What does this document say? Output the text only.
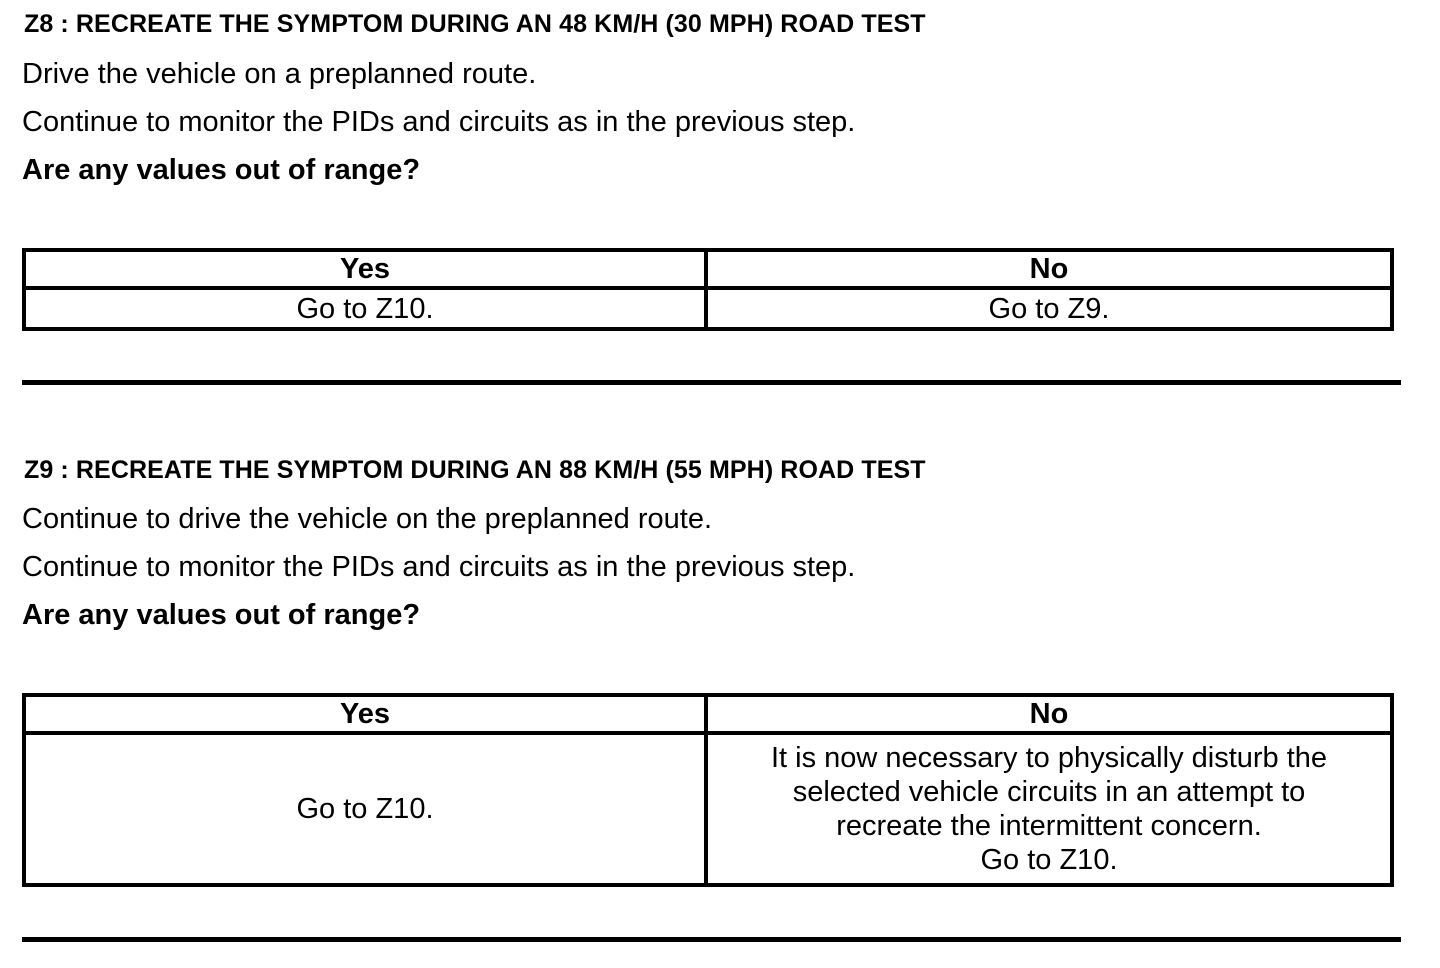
Z8 : RECREATE THE SYMPTOM DURING AN 48 KM/H (30 MPH) ROAD TEST
Drive the vehicle on a preplanned route.
Continue to monitor the PIDs and circuits as in the previous step.
Are any values out of range?
Yes	No
Go to Z10.	Go to Z9.
Z9 : RECREATE THE SYMPTOM DURING AN 88 KM/H (55 MPH) ROAD TEST
Continue to drive the vehicle on the preplanned route.
Continue to monitor the PIDs and circuits as in the previous step.
Are any values out of range?
Yes	No
Go to Z10.	It is now necessary to physically disturb the
selected vehicle circuits in an attempt to
recreate the intermittent concern.
Go to Z10.
